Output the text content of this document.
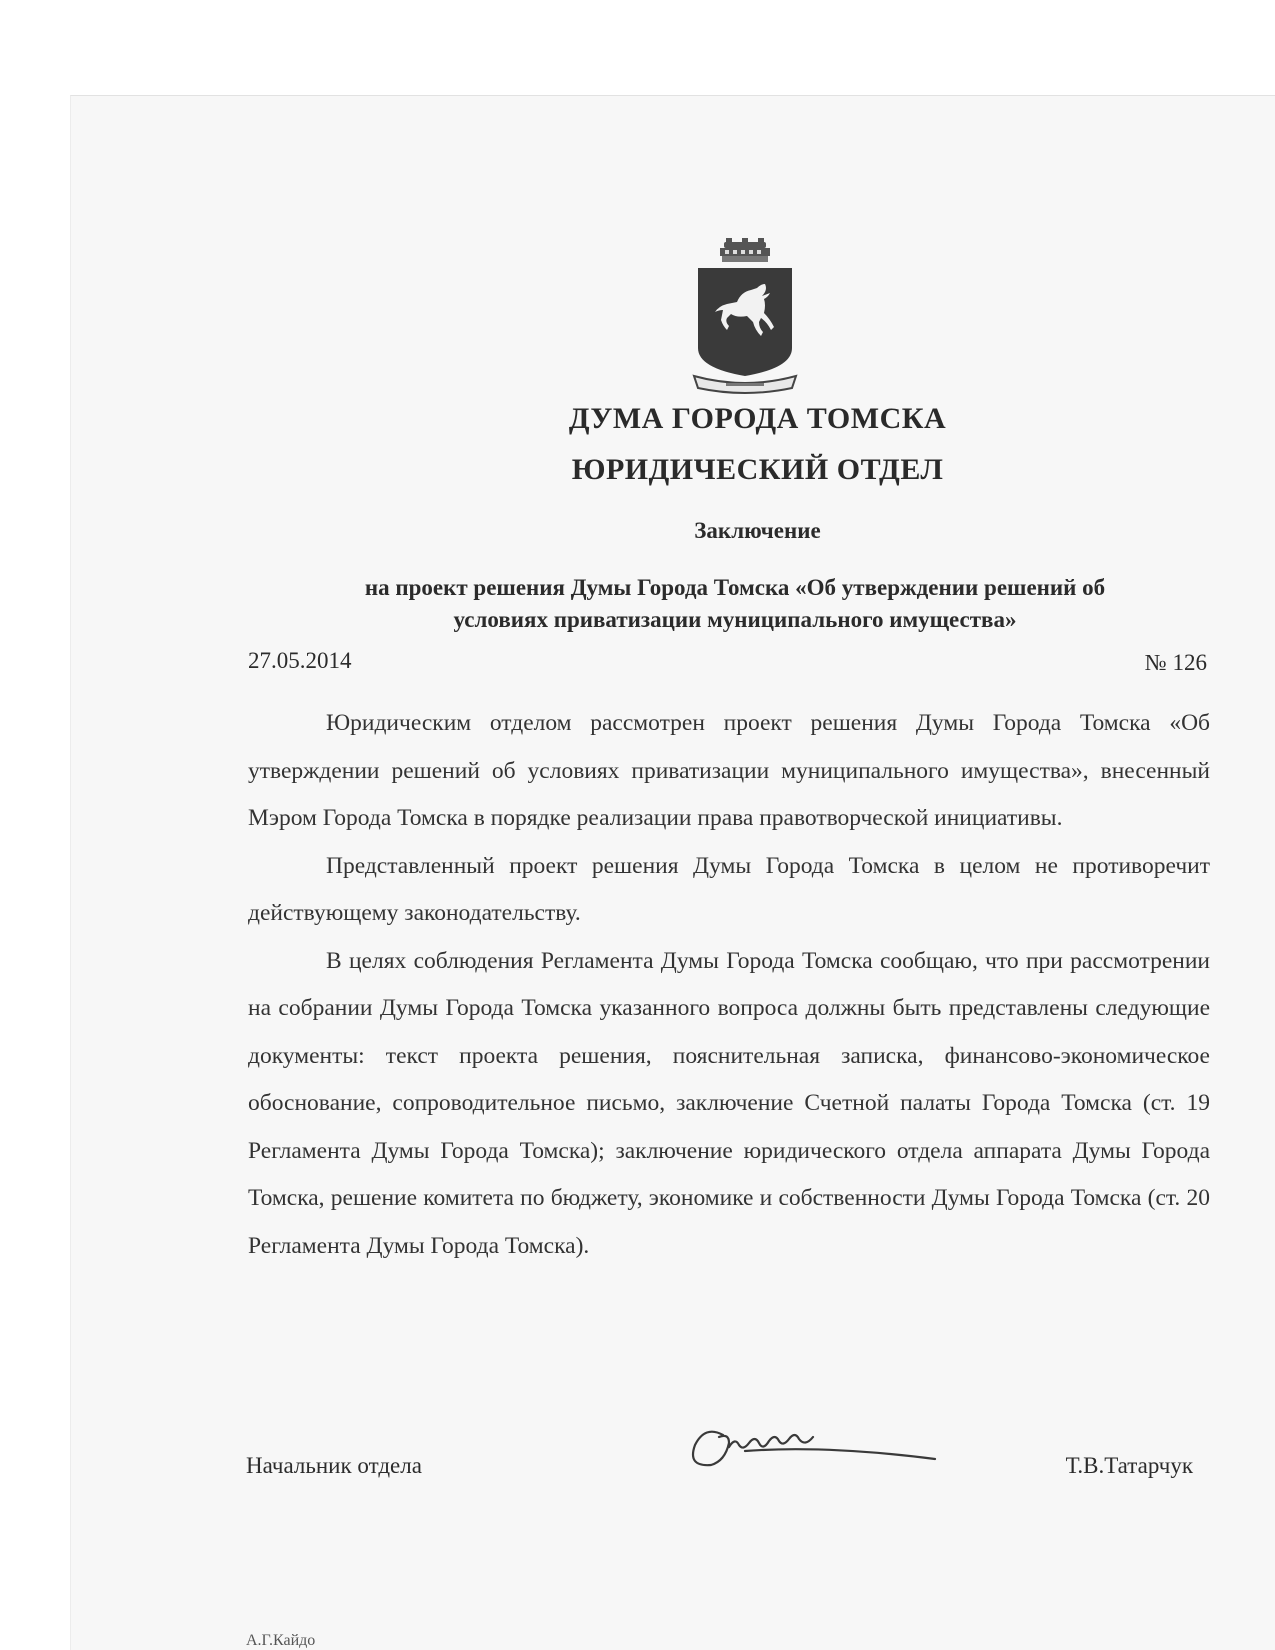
ДУМА ГОРОДА ТОМСКА
ЮРИДИЧЕСКИЙ ОТДЕЛ
Заключение
на проект решения Думы Города Томска «Об утверждении решений об
условиях приватизации муниципального имущества»
27.05.2014	№ 126

Юридическим отделом рассмотрен проект решения Думы Города Томска «Об утверждении решений об условиях приватизации муниципального имущества», внесенный Мэром Города Томска в порядке реализации права правотворческой инициативы.

Представленный проект решения Думы Города Томска в целом не противоречит действующему законодательству.

В целях соблюдения Регламента Думы Города Томска сообщаю, что при рассмотрении на собрании Думы Города Томска указанного вопроса должны быть представлены следующие документы: текст проекта решения, пояснительная записка, финансово-экономическое обоснование, сопроводительное письмо, заключение Счетной палаты Города Томска (ст. 19 Регламента Думы Города Томска); заключение юридического отдела аппарата Думы Города Томска, решение комитета по бюджету, экономике и собственности Думы Города Томска (ст. 20 Регламента Думы Города Томска).

Начальник отдела	Т.В.Татарчук
А.Г.Кайдо
